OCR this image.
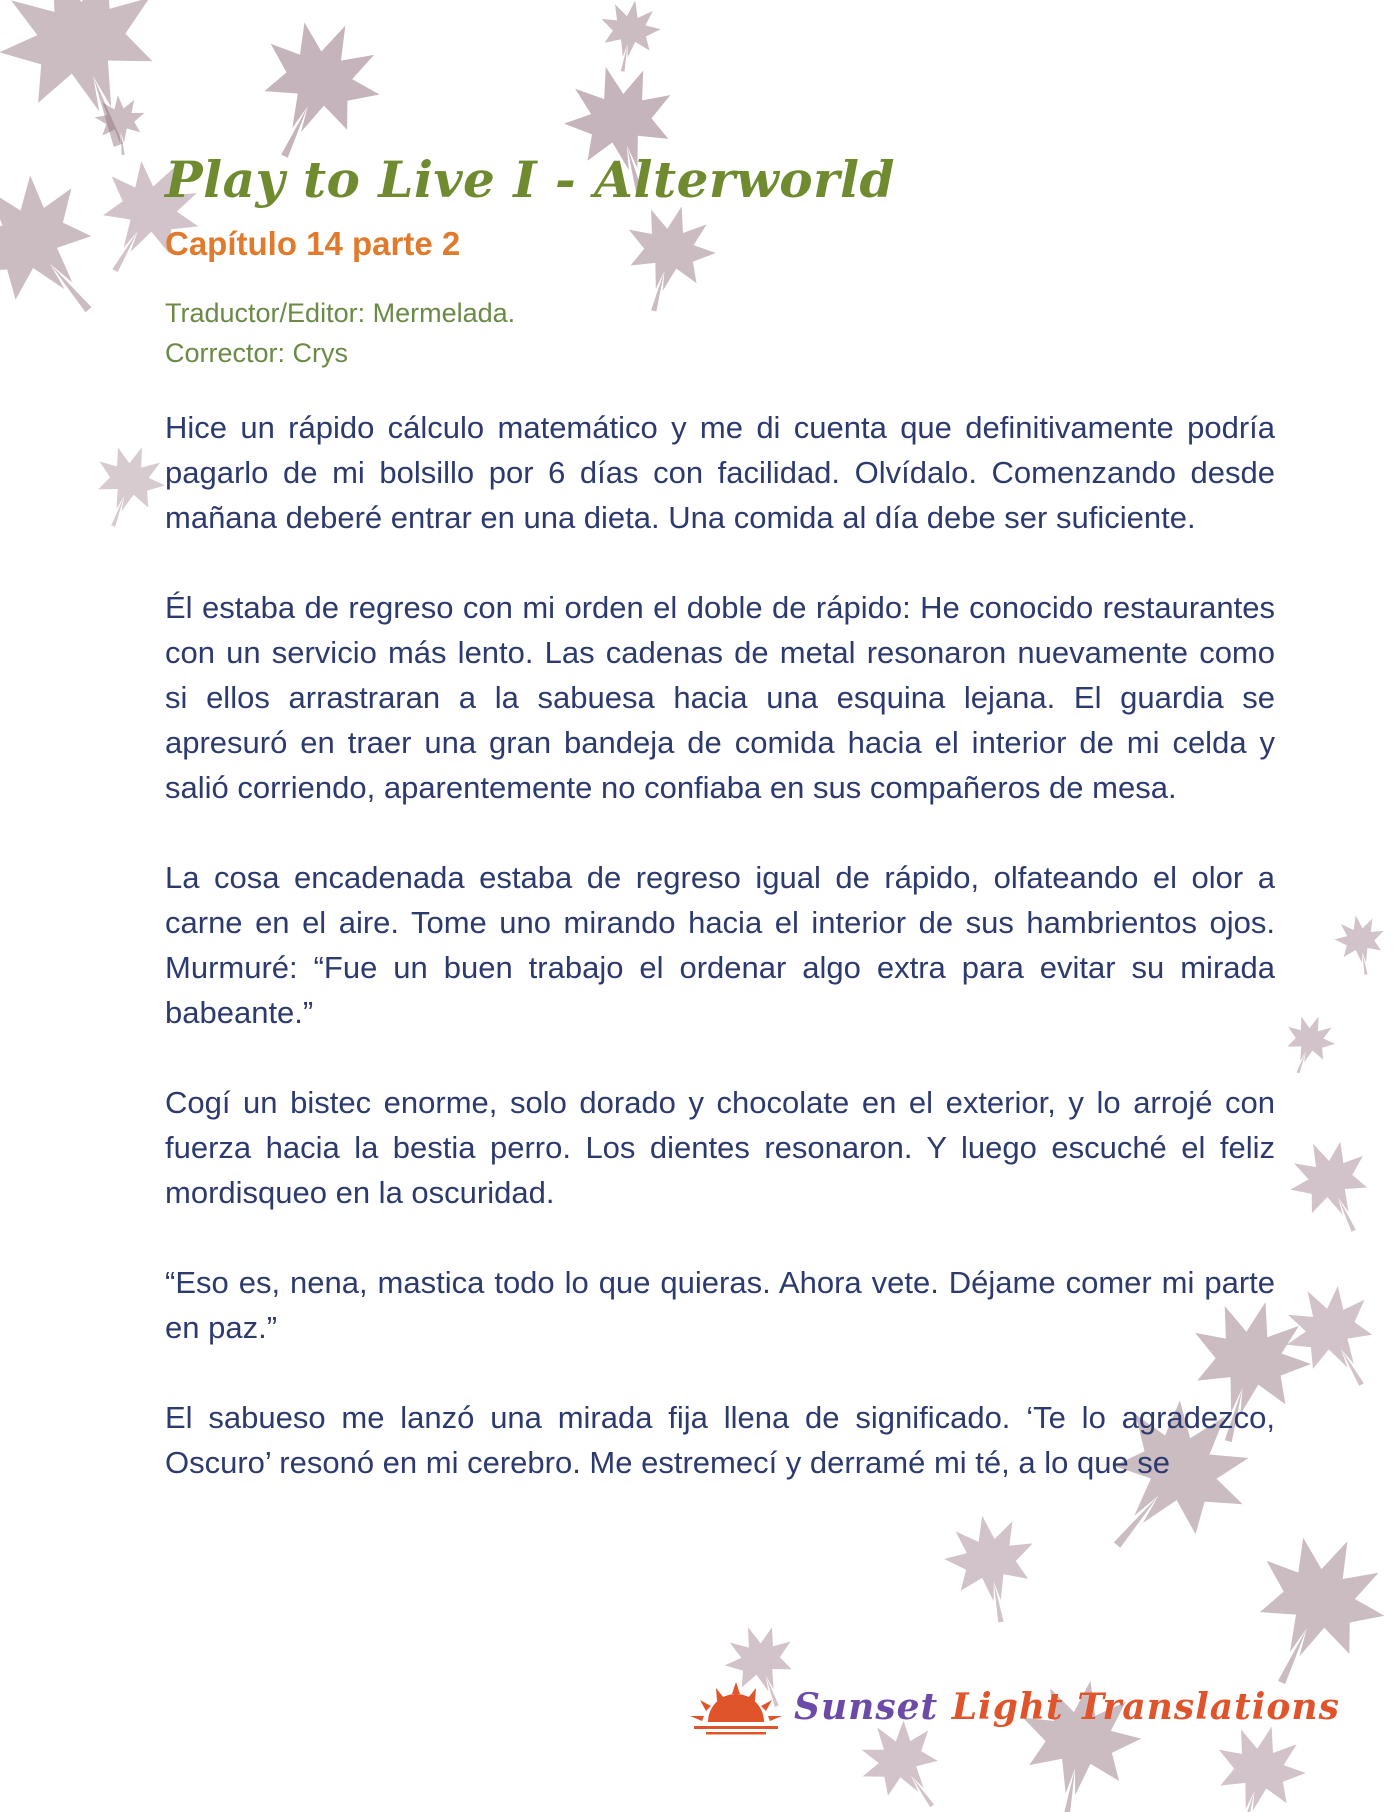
Play to Live I - Alterworld
Capítulo 14 parte 2
Traductor/Editor: Mermelada.
Corrector: Crys

Hice un rápido cálculo matemático y me di cuenta que definitivamente podría pagarlo de mi bolsillo por 6 días con facilidad. Olvídalo. Comenzando desde mañana deberé entrar en una dieta. Una comida al día debe ser suficiente.

Él estaba de regreso con mi orden el doble de rápido: He conocido restaurantes con un servicio más lento. Las cadenas de metal resonaron nuevamente como si ellos arrastraran a la sabuesa hacia una esquina lejana. El guardia se apresuró en traer una gran bandeja de comida hacia el interior de mi celda y salió corriendo, aparentemente no confiaba en sus compañeros de mesa.

La cosa encadenada estaba de regreso igual de rápido, olfateando el olor a carne en el aire. Tome uno mirando hacia el interior de sus hambrientos ojos. Murmuré: “Fue un buen trabajo el ordenar algo extra para evitar su mirada babeante.”

Cogí un bistec enorme, solo dorado y chocolate en el exterior, y lo arrojé con fuerza hacia la bestia perro. Los dientes resonaron. Y luego escuché el feliz mordisqueo en la oscuridad.

“Eso es, nena, mastica todo lo que quieras. Ahora vete. Déjame comer mi parte en paz.”

El sabueso me lanzó una mirada fija llena de significado. ‘Te lo agradezco, Oscuro’ resonó en mi cerebro. Me estremecí y derramé mi té, a lo que se

Sunset Light Translations
